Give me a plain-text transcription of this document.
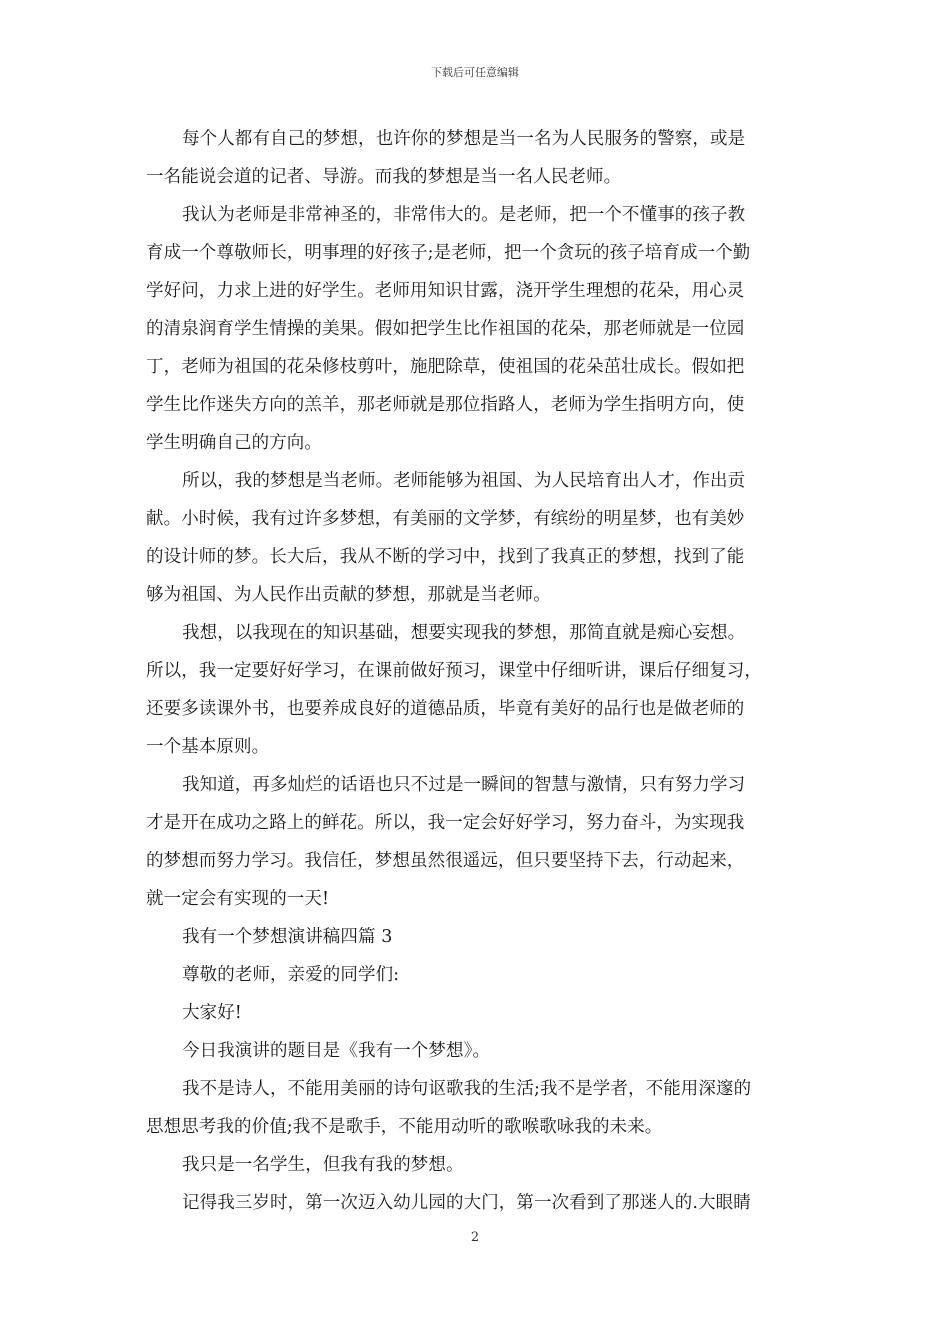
下载后可任意编辑
每个人都有自己的梦想，也许你的梦想是当一名为人民服务的警察，或是
一名能说会道的记者、导游。而我的梦想是当一名人民老师。
我认为老师是非常神圣的，非常伟大的。是老师，把一个不懂事的孩子教
育成一个尊敬师长，明事理的好孩子;是老师，把一个贪玩的孩子培育成一个勤
学好问，力求上进的好学生。老师用知识甘露，浇开学生理想的花朵，用心灵
的清泉润育学生情操的美果。假如把学生比作祖国的花朵，那老师就是一位园
丁，老师为祖国的花朵修枝剪叶，施肥除草，使祖国的花朵茁壮成长。假如把
学生比作迷失方向的羔羊，那老师就是那位指路人，老师为学生指明方向，使
学生明确自己的方向。
所以，我的梦想是当老师。老师能够为祖国、为人民培育出人才，作出贡
献。小时候，我有过许多梦想，有美丽的文学梦，有缤纷的明星梦，也有美妙
的设计师的梦。长大后，我从不断的学习中，找到了我真正的梦想，找到了能
够为祖国、为人民作出贡献的梦想，那就是当老师。
我想，以我现在的知识基础，想要实现我的梦想，那简直就是痴心妄想。
所以，我一定要好好学习，在课前做好预习，课堂中仔细听讲，课后仔细复习，
还要多读课外书，也要养成良好的道德品质，毕竟有美好的品行也是做老师的
一个基本原则。
我知道，再多灿烂的话语也只不过是一瞬间的智慧与激情，只有努力学习
才是开在成功之路上的鲜花。所以，我一定会好好学习，努力奋斗，为实现我
的梦想而努力学习。我信任，梦想虽然很遥远，但只要坚持下去，行动起来，
就一定会有实现的一天!
我有一个梦想演讲稿四篇 3
尊敬的老师，亲爱的同学们:
大家好!
今日我演讲的题目是《我有一个梦想》。
我不是诗人，不能用美丽的诗句讴歌我的生活;我不是学者，不能用深邃的
思想思考我的价值;我不是歌手，不能用动听的歌喉歌咏我的未来。
我只是一名学生，但我有我的梦想。
记得我三岁时，第一次迈入幼儿园的大门，第一次看到了那迷人的.大眼睛
2
